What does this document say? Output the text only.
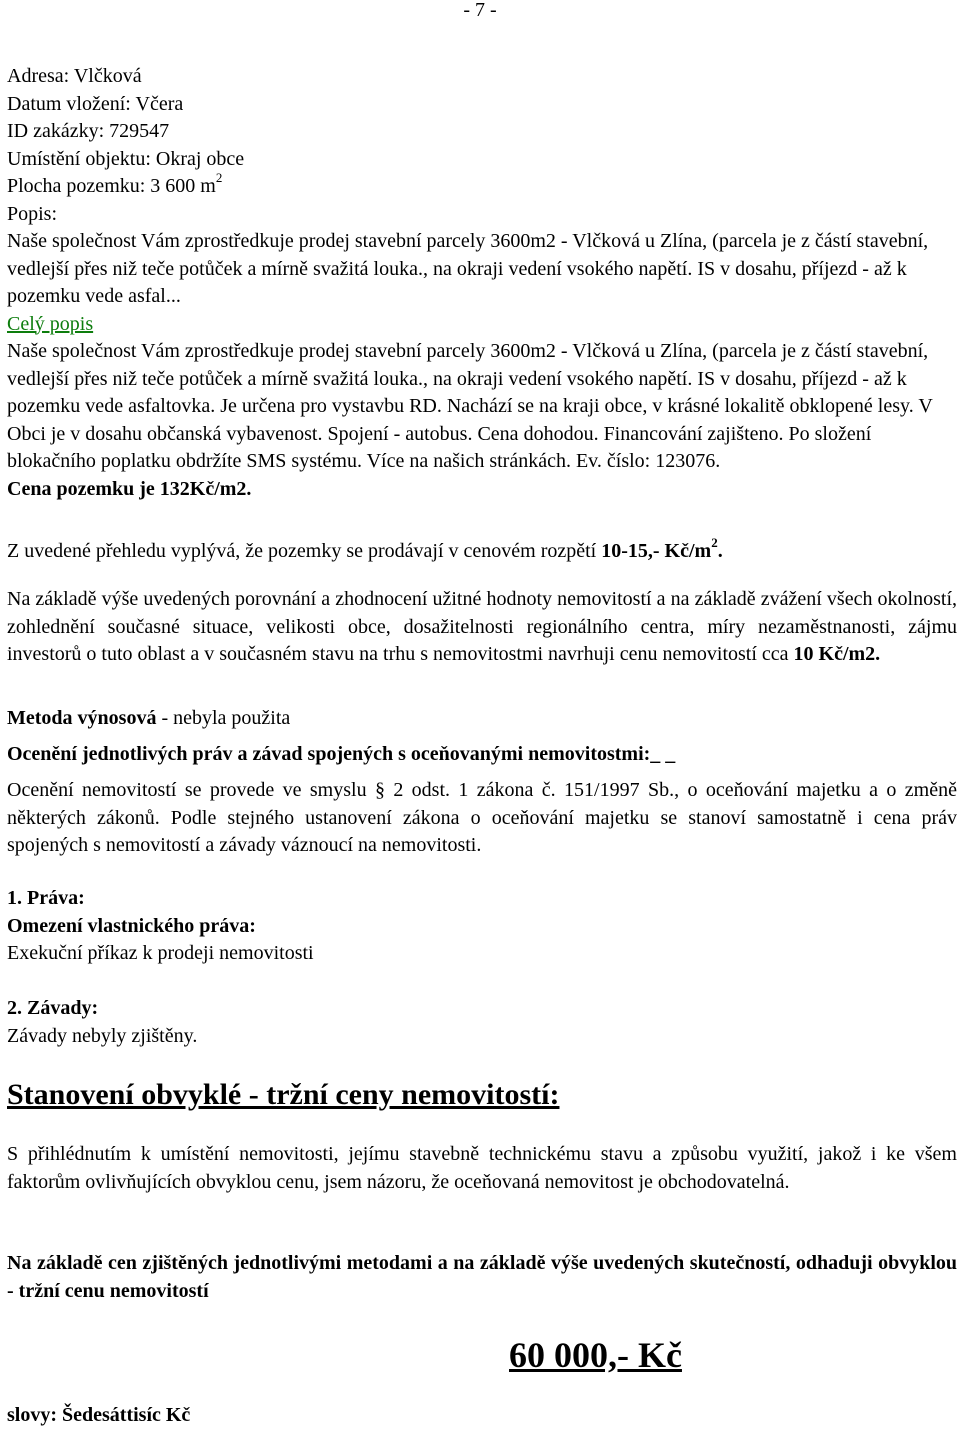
- 7 -
Adresa: Vlčková
Datum vložení: Včera
ID zakázky: 729547
Umístění objektu: Okraj obce
Plocha pozemku: 3 600 $m^2$
Popis:
Naše společnost Vám zprostředkuje prodej stavební parcely 3600m2 - Vlčková u Zlína, (parcela je z částí stavební, vedlejší přes niž teče potůček a mírně svažitá louka., na okraji vedení vsokého napětí. IS v dosahu, příjezd - až k pozemku vede asfal...
Celý popis
Naše společnost Vám zprostředkuje prodej stavební parcely 3600m2 - Vlčková u Zlína, (parcela je z částí stavební, vedlejší přes niž teče potůček a mírně svažitá louka., na okraji vedení vsokého napětí. IS v dosahu, příjezd - až k pozemku vede asfaltovka. Je určena pro vystavbu RD. Nachází se na kraji obce, v krásné lokalitě obklopené lesy. V Obci je v dosahu občanská vybavenost. Spojení - autobus. Cena dohodou. Financování zajišteno. Po složení blokačního poplatku obdržíte SMS systému. Více na našich stránkách. Ev. číslo: 123076.
Cena pozemku je 132Kč/m2.
Z uvedené přehledu vyplývá, že pozemky se prodávají v cenovém rozpětí 10-15,- $Kč/m^2$.
Na základě výše uvedených porovnání a zhodnocení užitné hodnoty nemovitostí a na základě zvážení všech okolností, zohlednění současné situace, velikosti obce, dosažitelnosti regionálního centra, míry nezaměstnanosti, zájmu investorů o tuto oblast a v současném stavu na trhu s nemovitostmi navrhuji cenu nemovitostí cca 10 Kč/m2.
Metoda výnosová - nebyla použita
Ocenění jednotlivých práv a závad spojených s oceňovanými nemovitostmi:_ _
Ocenění nemovitostí se provede ve smyslu § 2 odst. 1 zákona č. 151/1997 Sb., o oceňování majetku a o změně některých zákonů. Podle stejného ustanovení zákona o oceňování majetku se stanoví samostatně i cena práv spojených s nemovitostí a závady váznoucí na nemovitosti.
1. Práva:
Omezení vlastnického práva:
Exekuční příkaz k prodeji nemovitosti
2. Závady:
Závady nebyly zjištěny.
Stanovení obvyklé - tržní ceny nemovitostí:
S přihlédnutím k umístění nemovitosti, jejímu stavebně technickému stavu a způsobu využití, jakož i ke všem faktorům ovlivňujících obvyklou cenu, jsem názoru, že oceňovaná nemovitost je obchodovatelná.
Na základě cen zjištěných jednotlivými metodami a na základě výše uvedených skutečností, odhaduji obvyklou - tržní cenu nemovitostí
60 000,- Kč
slovy: Šedesáttisíc Kč
